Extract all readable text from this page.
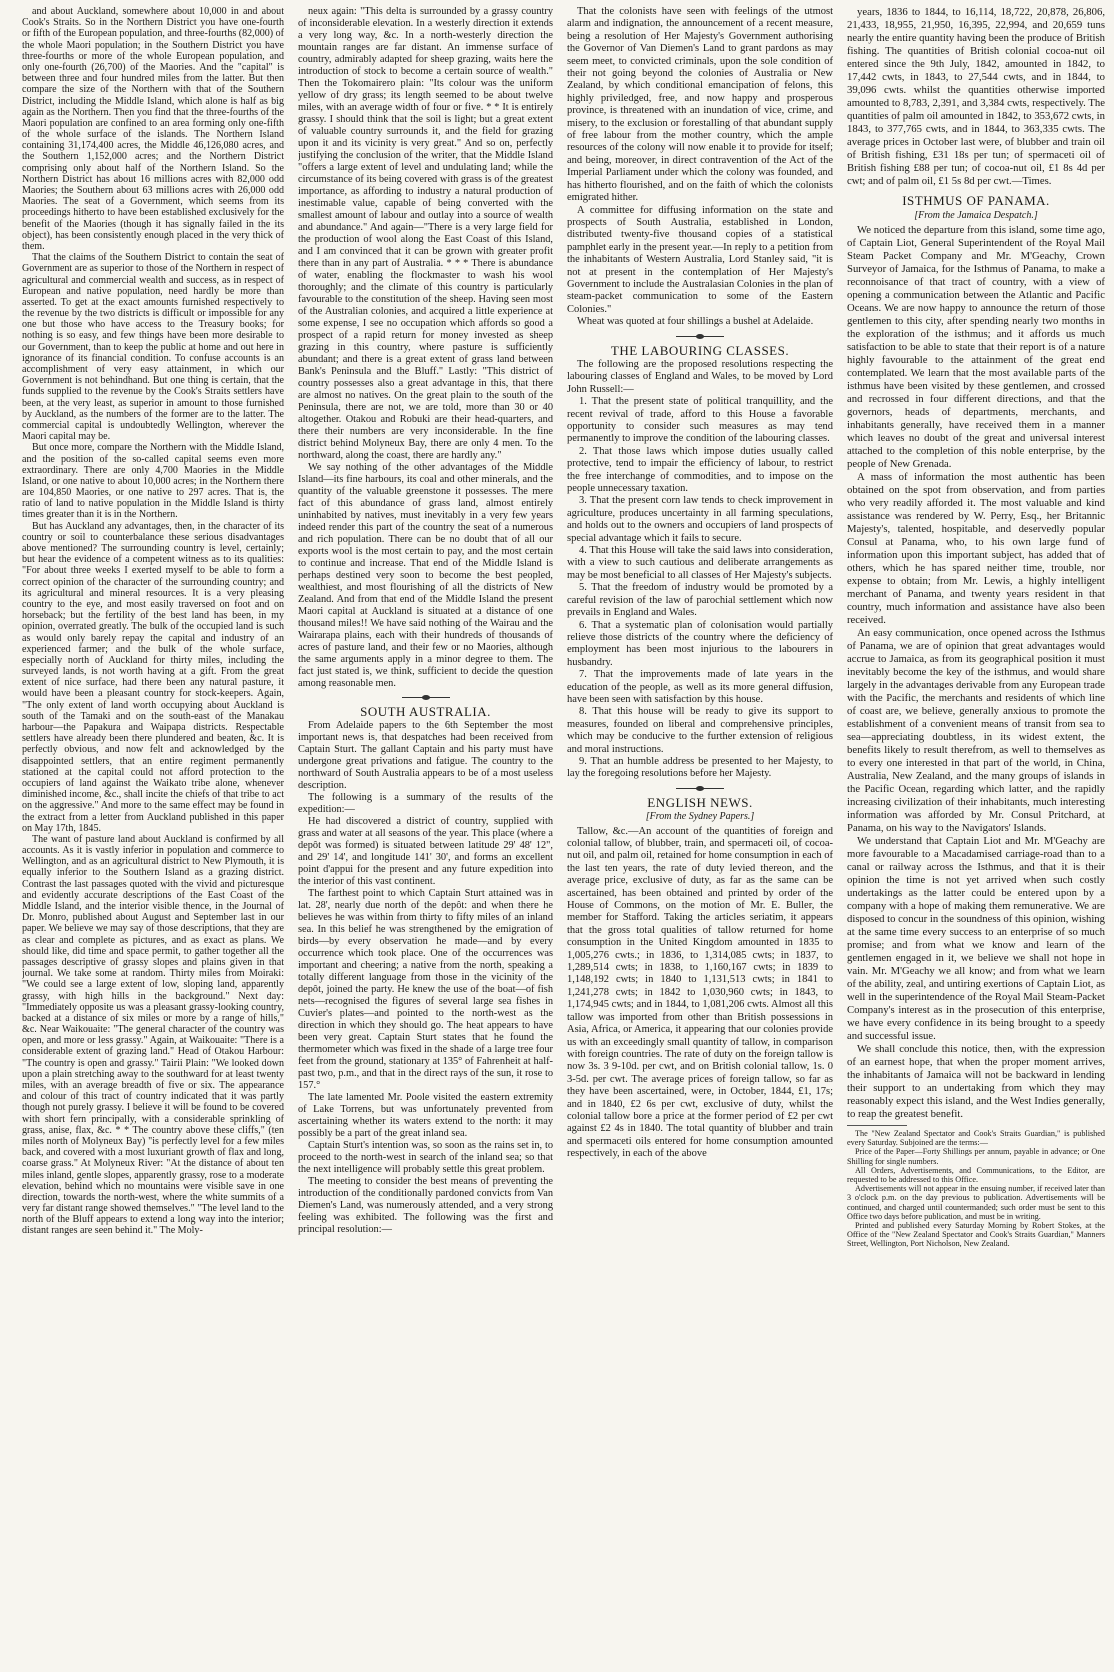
and about Auckland, somewhere about 10,000 in and about Cook's Straits. So in the Northern District you have one-fourth or fifth of the European population, and three-fourths (82,000) of the whole Maori population; in the Southern District you have three-fourths or more of the whole European population, and only one-fourth (26,700) of the Maories. And the "capital" is between three and four hundred miles from the latter. But then compare the size of the Northern with that of the Southern District, including the Middle Island, which alone is half as big again as the Northern. Then you find that the three-fourths of the Maori population are confined to an area forming only one-fifth of the whole surface of the islands. The Northern Island containing 31,174,400 acres, the Middle 46,126,080 acres, and the Southern 1,152,000 acres; and the Northern District comprising only about half of the Northern Island. So the Northern District has about 16 millions acres with 82,000 odd Maories; the Southern about 63 millions acres with 26,000 odd Maories. The seat of a Government, which seems from its proceedings hitherto to have been established exclusively for the benefit of the Maories (though it has signally failed in the its object), has been consistently enough placed in the very thick of them.

That the claims of the Southern District to contain the seat of Government are as superior to those of the Northern in respect of agricultural and commercial wealth and success, as in respect of European and native population, need hardly be more than asserted. To get at the exact amounts furnished respectively to the revenue by the two districts is difficult or impossible for any one but those who have access to the Treasury books; for nothing is so easy, and few things have been more desirable to our Government, than to keep the public at home and out here in ignorance of its financial condition. To confuse accounts is an accomplishment of very easy attainment, in which our Government is not behindhand. But one thing is certain, that the funds supplied to the revenue by the Cook's Straits settlers have been, at the very least, as superior in amount to those furnished by Auckland, as the numbers of the former are to the latter. The commercial capital is undoubtedly Wellington, wherever the Maori capital may be.

But once more, compare the Northern with the Middle Island, and the position of the so-called capital seems even more extraordinary. There are only 4,700 Maories in the Middle Island, or one native to about 10,000 acres; in the Northern there are 104,850 Maories, or one native to 297 acres. That is, the ratio of land to native population in the Middle Island is thirty times greater than it is in the Northern.

But has Auckland any advantages, then, in the character of its country or soil to counterbalance these serious disadvantages above mentioned? The surrounding country is level, certainly; but hear the evidence of a competent witness as to its qualities: "For about three weeks I exerted myself to be able to form a correct opinion of the character of the surrounding country; and its agricultural and mineral resources. It is a very pleasing country to the eye, and most easily traversed on foot and on horseback; but the fertility of the best land has been, in my opinion, overrated greatly. The bulk of the occupied land is such as would only barely repay the capital and industry of an experienced farmer; and the bulk of the whole surface, especially north of Auckland for thirty miles, including the surveyed lands, is not worth having at a gift. From the great extent of nice surface, had there been any natural pasture, it would have been a pleasant country for stock-keepers. Again, "The only extent of land worth occupying about Auckland is south of the Tamaki and on the south-east of the Manakau harbour—the Papakura and Waipapa districts. Respectable settlers have already been there plundered and beaten, &c. It is perfectly obvious, and now felt and acknowledged by the disappointed settlers, that an entire regiment permanently stationed at the capital could not afford protection to the occupiers of land against the Waikato tribe alone, whenever diminished income, &c., shall incite the chiefs of that tribe to act on the aggressive." And more to the same effect may be found in the extract from a letter from Auckland published in this paper on May 17th, 1845.

The want of pasture land about Auckland is confirmed by all accounts. As it is vastly inferior in population and commerce to Wellington, and as an agricultural district to New Plymouth, it is equally inferior to the Southern Island as a grazing district. Contrast the last passages quoted with the vivid and picturesque and evidently accurate descriptions of the East Coast of the Middle Island, and the interior visible thence, in the Journal of Dr. Monro, published about August and September last in our paper. We believe we may say of those descriptions, that they are as clear and complete as pictures, and as exact as plans. We should like, did time and space permit, to gather together all the passages descriptive of grassy slopes and plains given in that journal. We take some at random. Thirty miles from Moiraki: "We could see a large extent of low, sloping land, apparently grassy, with high hills in the background." Next day: "Immediately opposite us was a pleasant grassy-looking country, backed at a distance of six miles or more by a range of hills," &c. Near Waikouaite: "The general character of the country was open, and more or less grassy." Again, at Waikouaite: "There is a considerable extent of grazing land." Head of Otakou Harbour: "The country is open and grassy." Tairii Plain: "We looked down upon a plain stretching away to the southward for at least twenty miles, with an average breadth of five or six. The appearance and colour of this tract of country indicated that it was partly though not purely grassy. I believe it will be found to be covered with short fern principally, with a considerable sprinkling of grass, anise, flax, &c. * * The country above these cliffs," (ten miles north of Molyneux Bay) "is perfectly level for a few miles back, and covered with a most luxuriant growth of flax and long, coarse grass." At Molyneux River: "At the distance of about ten miles inland, gentle slopes, apparently grassy, rose to a moderate elevation, behind which no mountains were visible save in one direction, towards the north-west, where the white summits of a very far distant range showed themselves." "The level land to the north of the Bluff appears to extend a long way into the interior; distant ranges are seen behind it." The Moly-

neux again: "This delta is surrounded by a grassy country of inconsiderable elevation. In a westerly direction it extends a very long way, &c. In a north-westerly direction the mountain ranges are far distant. An immense surface of country, admirably adapted for sheep grazing, waits here the introduction of stock to become a certain source of wealth." Then the Tokomairero plain: "Its colour was the uniform yellow of dry grass; its length seemed to be about twelve miles, with an average width of four or five. * * It is entirely grassy. I should think that the soil is light; but a great extent of valuable country surrounds it, and the field for grazing upon it and its vicinity is very great." And so on, perfectly justifying the conclusion of the writer, that the Middle Island "offers a large extent of level and undulating land; while the circumstance of its being covered with grass is of the greatest importance, as affording to industry a natural production of inestimable value, capable of being converted with the smallest amount of labour and outlay into a source of wealth and abundance." And again—"There is a very large field for the production of wool along the East Coast of this Island, and I am convinced that it can be grown with greater profit there than in any part of Australia. * * * There is abundance of water, enabling the flockmaster to wash his wool thoroughly; and the climate of this country is particularly favourable to the constitution of the sheep. Having seen most of the Australian colonies, and acquired a little experience at some expense, I see no occupation which affords so good a prospect of a rapid return for money invested as sheep grazing in this country, where pasture is sufficiently abundant; and there is a great extent of grass land between Bank's Peninsula and the Bluff." Lastly: "This district of country possesses also a great advantage in this, that there are almost no natives. On the great plain to the south of the Peninsula, there are not, we are told, more than 30 or 40 altogether. Otakou and Robuki are their head-quarters, and there their numbers are very inconsiderable. In the fine district behind Molyneux Bay, there are only 4 men. To the northward, along the coast, there are hardly any."

We say nothing of the other advantages of the Middle Island—its fine harbours, its coal and other minerals, and the quantity of the valuable greenstone it possesses. The mere fact of this abundance of grass land, almost entirely uninhabited by natives, must inevitably in a very few years indeed render this part of the country the seat of a numerous and rich population. There can be no doubt that of all our exports wool is the most certain to pay, and the most certain to continue and increase. That end of the Middle Island is perhaps destined very soon to become the best peopled, wealthiest, and most flourishing of all the districts of New Zealand. And from that end of the Middle Island the present Maori capital at Auckland is situated at a distance of one thousand miles!! We have said nothing of the Wairau and the Wairarapa plains, each with their hundreds of thousands of acres of pasture land, and their few or no Maories, although the same arguments apply in a minor degree to them. The fact just stated is, we think, sufficient to decide the question among reasonable men.

SOUTH AUSTRALIA.

From Adelaide papers to the 6th September the most important news is, that despatches had been received from Captain Sturt. The gallant Captain and his party must have undergone great privations and fatigue. The country to the northward of South Australia appears to be of a most useless description.

The following is a summary of the results of the expedition:—

He had discovered a district of country, supplied with grass and water at all seasons of the year. This place (where a depôt was formed) is situated between latitude 29' 48' 12", and 29' 14', and longitude 141' 30', and forms an excellent point d'appui for the present and any future expedition into the interior of this vast continent.

The farthest point to which Captain Sturt attained was in lat. 28', nearly due north of the depôt: and when there he believes he was within from thirty to fifty miles of an inland sea. In this belief he was strengthened by the emigration of birds—by every observation he made—and by every occurrence which took place. One of the occurrences was important and cheering; a native from the north, speaking a totally different language from those in the vicinity of the depôt, joined the party. He knew the use of the boat—of fish nets—recognised the figures of several large sea fishes in Cuvier's plates—and pointed to the north-west as the direction in which they should go. The heat appears to have been very great. Captain Sturt states that he found the thermometer which was fixed in the shade of a large tree four feet from the ground, stationary at 135° of Fahrenheit at half-past two, p.m., and that in the direct rays of the sun, it rose to 157.°

The late lamented Mr. Poole visited the eastern extremity of Lake Torrens, but was unfortunately prevented from ascertaining whether its waters extend to the north: it may possibly be a part of the great inland sea.

Captain Sturt's intention was, so soon as the rains set in, to proceed to the north-west in search of the inland sea; so that the next intelligence will probably settle this great problem.

The meeting to consider the best means of preventing the introduction of the conditionally pardoned convicts from Van Diemen's Land, was numerously attended, and a very strong feeling was exhibited. The following was the first and principal resolution:—

That the colonists have seen with feelings of the utmost alarm and indignation, the announcement of a recent measure, being a resolution of Her Majesty's Government authorising the Governor of Van Diemen's Land to grant pardons as may seem meet, to convicted criminals, upon the sole condition of their not going beyond the colonies of Australia or New Zealand, by which conditional emancipation of felons, this highly priviledged, free, and now happy and prosperous province, is threatened with an inundation of vice, crime, and misery, to the exclusion or forestalling of that abundant supply of free labour from the mother country, which the ample resources of the colony will now enable it to provide for itself; and being, moreover, in direct contravention of the Act of the Imperial Parliament under which the colony was founded, and has hitherto flourished, and on the faith of which the colonists emigrated hither.

A committee for diffusing information on the state and prospects of South Australia, established in London, distributed twenty-five thousand copies of a statistical pamphlet early in the present year.—In reply to a petition from the inhabitants of Western Australia, Lord Stanley said, "it is not at present in the contemplation of Her Majesty's Government to include the Australasian Colonies in the plan of steam-packet communication to some of the Eastern Colonies."

Wheat was quoted at four shillings a bushel at Adelaide.

THE LABOURING CLASSES.

The following are the proposed resolutions respecting the labouring classes of England and Wales, to be moved by Lord John Russell:—

1. That the present state of political tranquillity, and the recent revival of trade, afford to this House a favorable opportunity to consider such measures as may tend permanently to improve the condition of the labouring classes.

2. That those laws which impose duties usually called protective, tend to impair the efficiency of labour, to restrict the free interchange of commodities, and to impose on the people unnecessary taxation.

3. That the present corn law tends to check improvement in agriculture, produces uncertainty in all farming speculations, and holds out to the owners and occupiers of land prospects of special advantage which it fails to secure.

4. That this House will take the said laws into consideration, with a view to such cautious and deliberate arrangements as may be most beneficial to all classes of Her Majesty's subjects.

5. That the freedom of industry would be promoted by a careful revision of the law of parochial settlement which now prevails in England and Wales.

6. That a systematic plan of colonisation would partially relieve those districts of the country where the deficiency of employment has been most injurious to the labourers in husbandry.

7. That the improvements made of late years in the education of the people, as well as its more general diffusion, have been seen with satisfaction by this house.

8. That this house will be ready to give its support to measures, founded on liberal and comprehensive principles, which may be conducive to the further extension of religious and moral instructions.

9. That an humble address be presented to her Majesty, to lay the foregoing resolutions before her Majesty.

ENGLISH NEWS.
[From the Sydney Papers.]

Tallow, &c.—An account of the quantities of foreign and colonial tallow, of blubber, train, and spermaceti oil, of cocoa-nut oil, and palm oil, retained for home consumption in each of the last ten years, the rate of duty levied thereon, and the average price, exclusive of duty, as far as the same can be ascertained, has been obtained and printed by order of the House of Commons, on the motion of Mr. E. Buller, the member for Stafford. Taking the articles seriatim, it appears that the gross total qualities of tallow returned for home consumption in the United Kingdom amounted in 1835 to 1,005,276 cwts.; in 1836, to 1,314,085 cwts; in 1837, to 1,289,514 cwts; in 1838, to 1,160,167 cwts; in 1839 to 1,148,192 cwts; in 1840 to 1,131,513 cwts; in 1841 to 1,241,278 cwts; in 1842 to 1,030,960 cwts; in 1843, to 1,174,945 cwts; and in 1844, to 1,081,206 cwts. Almost all this tallow was imported from other than British possessions in Asia, Africa, or America, it appearing that our colonies provide us with an exceedingly small quantity of tallow, in comparison with foreign countries. The rate of duty on the foreign tallow is now 3s. 3 9-10d. per cwt, and on British colonial tallow, 1s. 0 3-5d. per cwt. The average prices of foreign tallow, so far as they have been ascertained, were, in October, 1844, £1, 17s; and in 1840, £2 6s per cwt, exclusive of duty, whilst the colonial tallow bore a price at the former period of £2 per cwt against £2 4s in 1840. The total quantity of blubber and train and spermaceti oils entered for home consumption amounted respectively, in each of the above

years, 1836 to 1844, to 16,114, 18,722, 20,878, 26,806, 21,433, 18,955, 21,950, 16,395, 22,994, and 20,659 tuns nearly the entire quantity having been the produce of British fishing. The quantities of British colonial cocoa-nut oil entered since the 9th July, 1842, amounted in 1842, to 17,442 cwts, in 1843, to 27,544 cwts, and in 1844, to 39,096 cwts. whilst the quantities otherwise imported amounted to 8,783, 2,391, and 3,384 cwts, respectively. The quantities of palm oil amounted in 1842, to 353,672 cwts, in 1843, to 377,765 cwts, and in 1844, to 363,335 cwts. The average prices in October last were, of blubber and train oil of British fishing, £31 18s per tun; of spermaceti oil of British fishing £88 per tun; of cocoa-nut oil, £1 8s 4d per cwt; and of palm oil, £1 5s 8d per cwt.—Times.

ISTHMUS OF PANAMA.
[From the Jamaica Despatch.]

We noticed the departure from this island, some time ago, of Captain Liot, General Superintendent of the Royal Mail Steam Packet Company and Mr. M'Geachy, Crown Surveyor of Jamaica, for the Isthmus of Panama, to make a reconnoisance of that tract of country, with a view of opening a communication between the Atlantic and Pacific Oceans. We are now happy to announce the return of those gentlemen to this city, after spending nearly two months in the exploration of the isthmus; and it affords us much satisfaction to be able to state that their report is of a nature highly favourable to the attainment of the great end contemplated. We learn that the most available parts of the isthmus have been visited by these gentlemen, and crossed and recrossed in four different directions, and that the governors, heads of departments, merchants, and inhabitants generally, have received them in a manner which leaves no doubt of the great and universal interest attached to the completion of this noble enterprise, by the people of New Grenada.

A mass of information the most authentic has been obtained on the spot from observation, and from parties who very readily afforded it. The most valuable and kind assistance was rendered by W. Perry, Esq., her Britannic Majesty's, talented, hospitable, and deservedly popular Consul at Panama, who, to his own large fund of information upon this important subject, has added that of others, which he has spared neither time, trouble, nor expense to obtain; from Mr. Lewis, a highly intelligent merchant of Panama, and twenty years resident in that country, much information and assistance have also been received.

An easy communication, once opened across the Isthmus of Panama, we are of opinion that great advantages would accrue to Jamaica, as from its geographical position it must inevitably become the key of the isthmus, and would share largely in the advantages derivable from any European trade with the Pacific, the merchants and residents of which line of coast are, we believe, generally anxious to promote the establishment of a convenient means of transit from sea to sea—appreciating doubtless, in its widest extent, the benefits likely to result therefrom, as well to themselves as to every one interested in that part of the world, in China, Australia, New Zealand, and the many groups of islands in the Pacific Ocean, regarding which latter, and the rapidly increasing civilization of their inhabitants, much interesting information was afforded by Mr. Consul Pritchard, at Panama, on his way to the Navigators' Islands.

We understand that Captain Liot and Mr. M'Geachy are more favourable to a Macadamised carriage-road than to a canal or railway across the Isthmus, and that it is their opinion the time is not yet arrived when such costly undertakings as the latter could be entered upon by a company with a hope of making them remunerative. We are disposed to concur in the soundness of this opinion, wishing at the same time every success to an enterprise of so much promise; and from what we know and learn of the gentlemen engaged in it, we believe we shall not hope in vain. Mr. M'Geachy we all know; and from what we learn of the ability, zeal, and untiring exertions of Captain Liot, as well in the superintendence of the Royal Mail Steam-Packet Company's interest as in the prosecution of this enterprise, we have every confidence in its being brought to a speedy and successful issue.

We shall conclude this notice, then, with the expression of an earnest hope, that when the proper moment arrives, the inhabitants of Jamaica will not be backward in lending their support to an undertaking from which they may reasonably expect this island, and the West Indies generally, to reap the greatest benefit.

The "New Zealand Spectator and Cook's Straits Guardian," is published every Saturday. Subjoined are the terms:—

Price of the Paper—Forty Shillings per annum, payable in advance; or One Shilling for single numbers.

All Orders, Advertisements, and Communications, to the Editor, are requested to be addressed to this Office.

Advertisements will not appear in the ensuing number, if received later than 3 o'clock p.m. on the day previous to publication. Advertisements will be continued, and charged until countermanded; such order must be sent to this Office two days before publication, and must be in writing.

Printed and published every Saturday Morning by Robert Stokes, at the Office of the "New Zealand Spectator and Cook's Straits Guardian," Manners Street, Wellington, Port Nicholson, New Zealand.
